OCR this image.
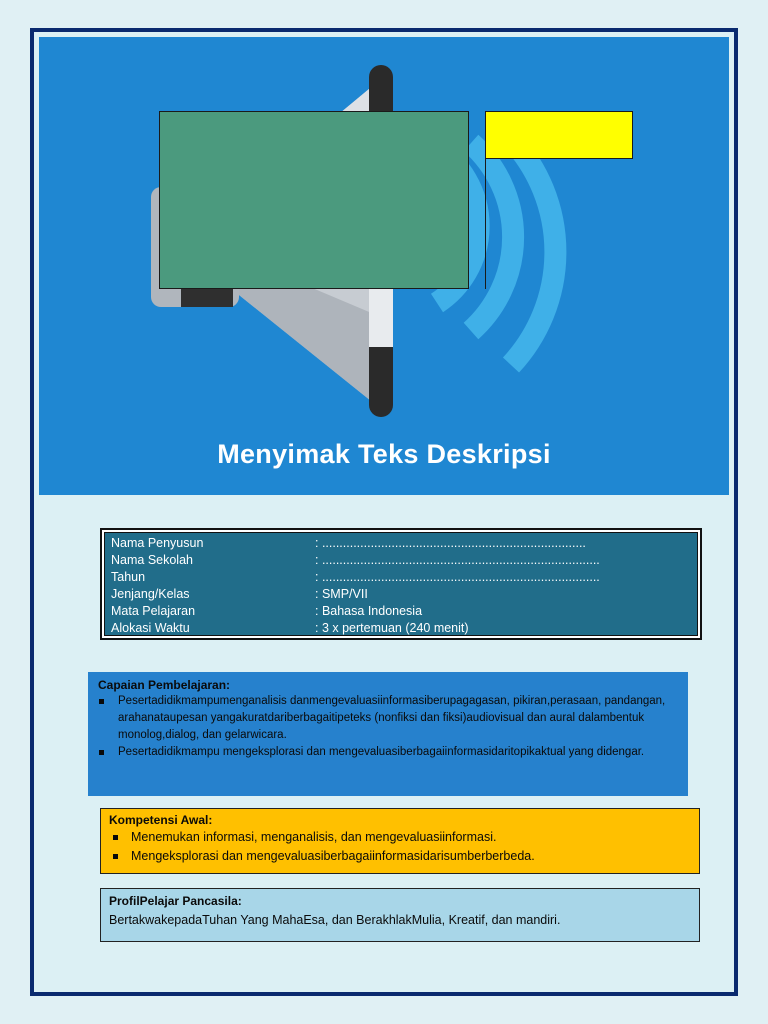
Menyimak Teks Deskripsi
Nama Penyusun	: ............................................................................
Nama Sekolah	: ................................................................................
Tahun	: ................................................................................
Jenjang/Kelas	: SMP/VII
Mata Pelajaran	: Bahasa Indonesia
Alokasi Waktu	: 3 x pertemuan (240 menit)
Capaian Pembelajaran:
Pesertadidikmampumenganalisis danmengevaluasiinformasiberupagagasan, pikiran,perasaan, pandangan, arahanataupesan yangakuratdariberbagaitipeteks (nonfiksi dan fiksi)audiovisual dan aural dalambentuk monolog,dialog, dan gelarwicara.
Pesertadidikmampu mengeksplorasi dan mengevaluasiberbagaiinformasidaritopikaktual yang didengar.
Kompetensi Awal:
Menemukan informasi, menganalisis, dan mengevaluasiinformasi.
Mengeksplorasi dan mengevaluasiberbagaiinformasidarisumberberbeda.
ProfilPelajar Pancasila:
BertakwakepadaTuhan Yang MahaEsa, dan BerakhlakMulia, Kreatif, dan mandiri.
